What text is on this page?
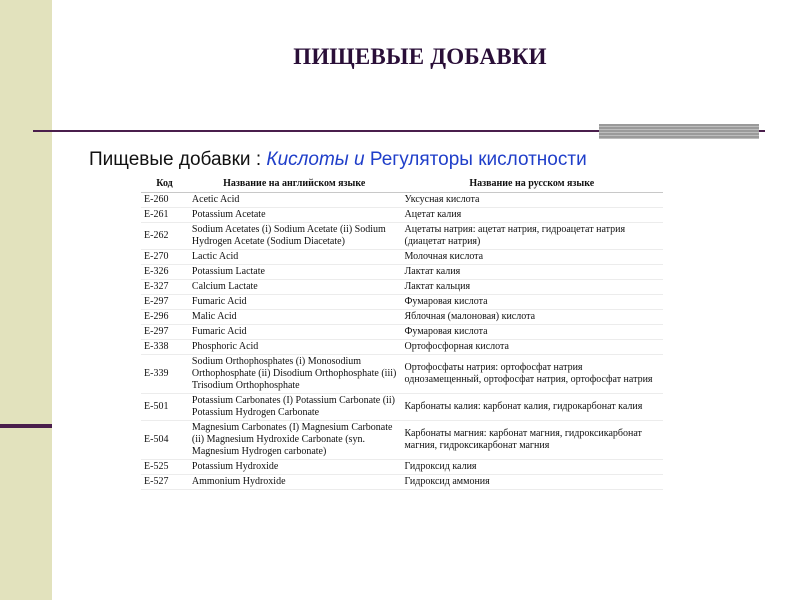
ПИЩЕВЫЕ ДОБАВКИ
Пищевые добавки : Кислоты и Регуляторы кислотности
Код	Название на английском языке	Название на русском языке
E-260	Acetic Acid	Уксусная кислота
E-261	Potassium Acetate	Ацетат калия
E-262	Sodium Acetates (i) Sodium Acetate (ii) Sodium Hydrogen Acetate (Sodium Diacetate)	Ацетаты натрия: ацетат натрия, гидроацетат натрия (диацетат натрия)
E-270	Lactic Acid	Молочная кислота
E-326	Potassium Lactate	Лактат калия
E-327	Calcium Lactate	Лактат кальция
E-297	Fumaric Acid	Фумаровая кислота
E-296	Malic Acid	Яблочная (малоновая) кислота
E-297	Fumaric Acid	Фумаровая кислота
E-338	Phosphoric Acid	Ортофосфорная кислота
E-339	Sodium Orthophosphates (i) Monosodium Orthophosphate (ii) Disodium Orthophosphate (iii) Trisodium Orthophosphate	Ортофосфаты натрия: ортофосфат натрия однозамещенный, ортофосфат натрия, ортофосфат натрия
E-501	Potassium Carbonates (I) Potassium Carbonate (ii) Potassium Hydrogen Carbonate	Карбонаты калия: карбонат калия, гидрокарбонат калия
E-504	Magnesium Carbonates (I) Magnesium Carbonate (ii) Magnesium Hydroxide Carbonate (syn. Magnesium Hydrogen carbonate)	Карбонаты магния: карбонат магния, гидроксикарбонат магния, гидроксикарбонат магния
E-525	Potassium Hydroxide	Гидроксид калия
E-527	Ammonium Hydroxide	Гидроксид аммония
